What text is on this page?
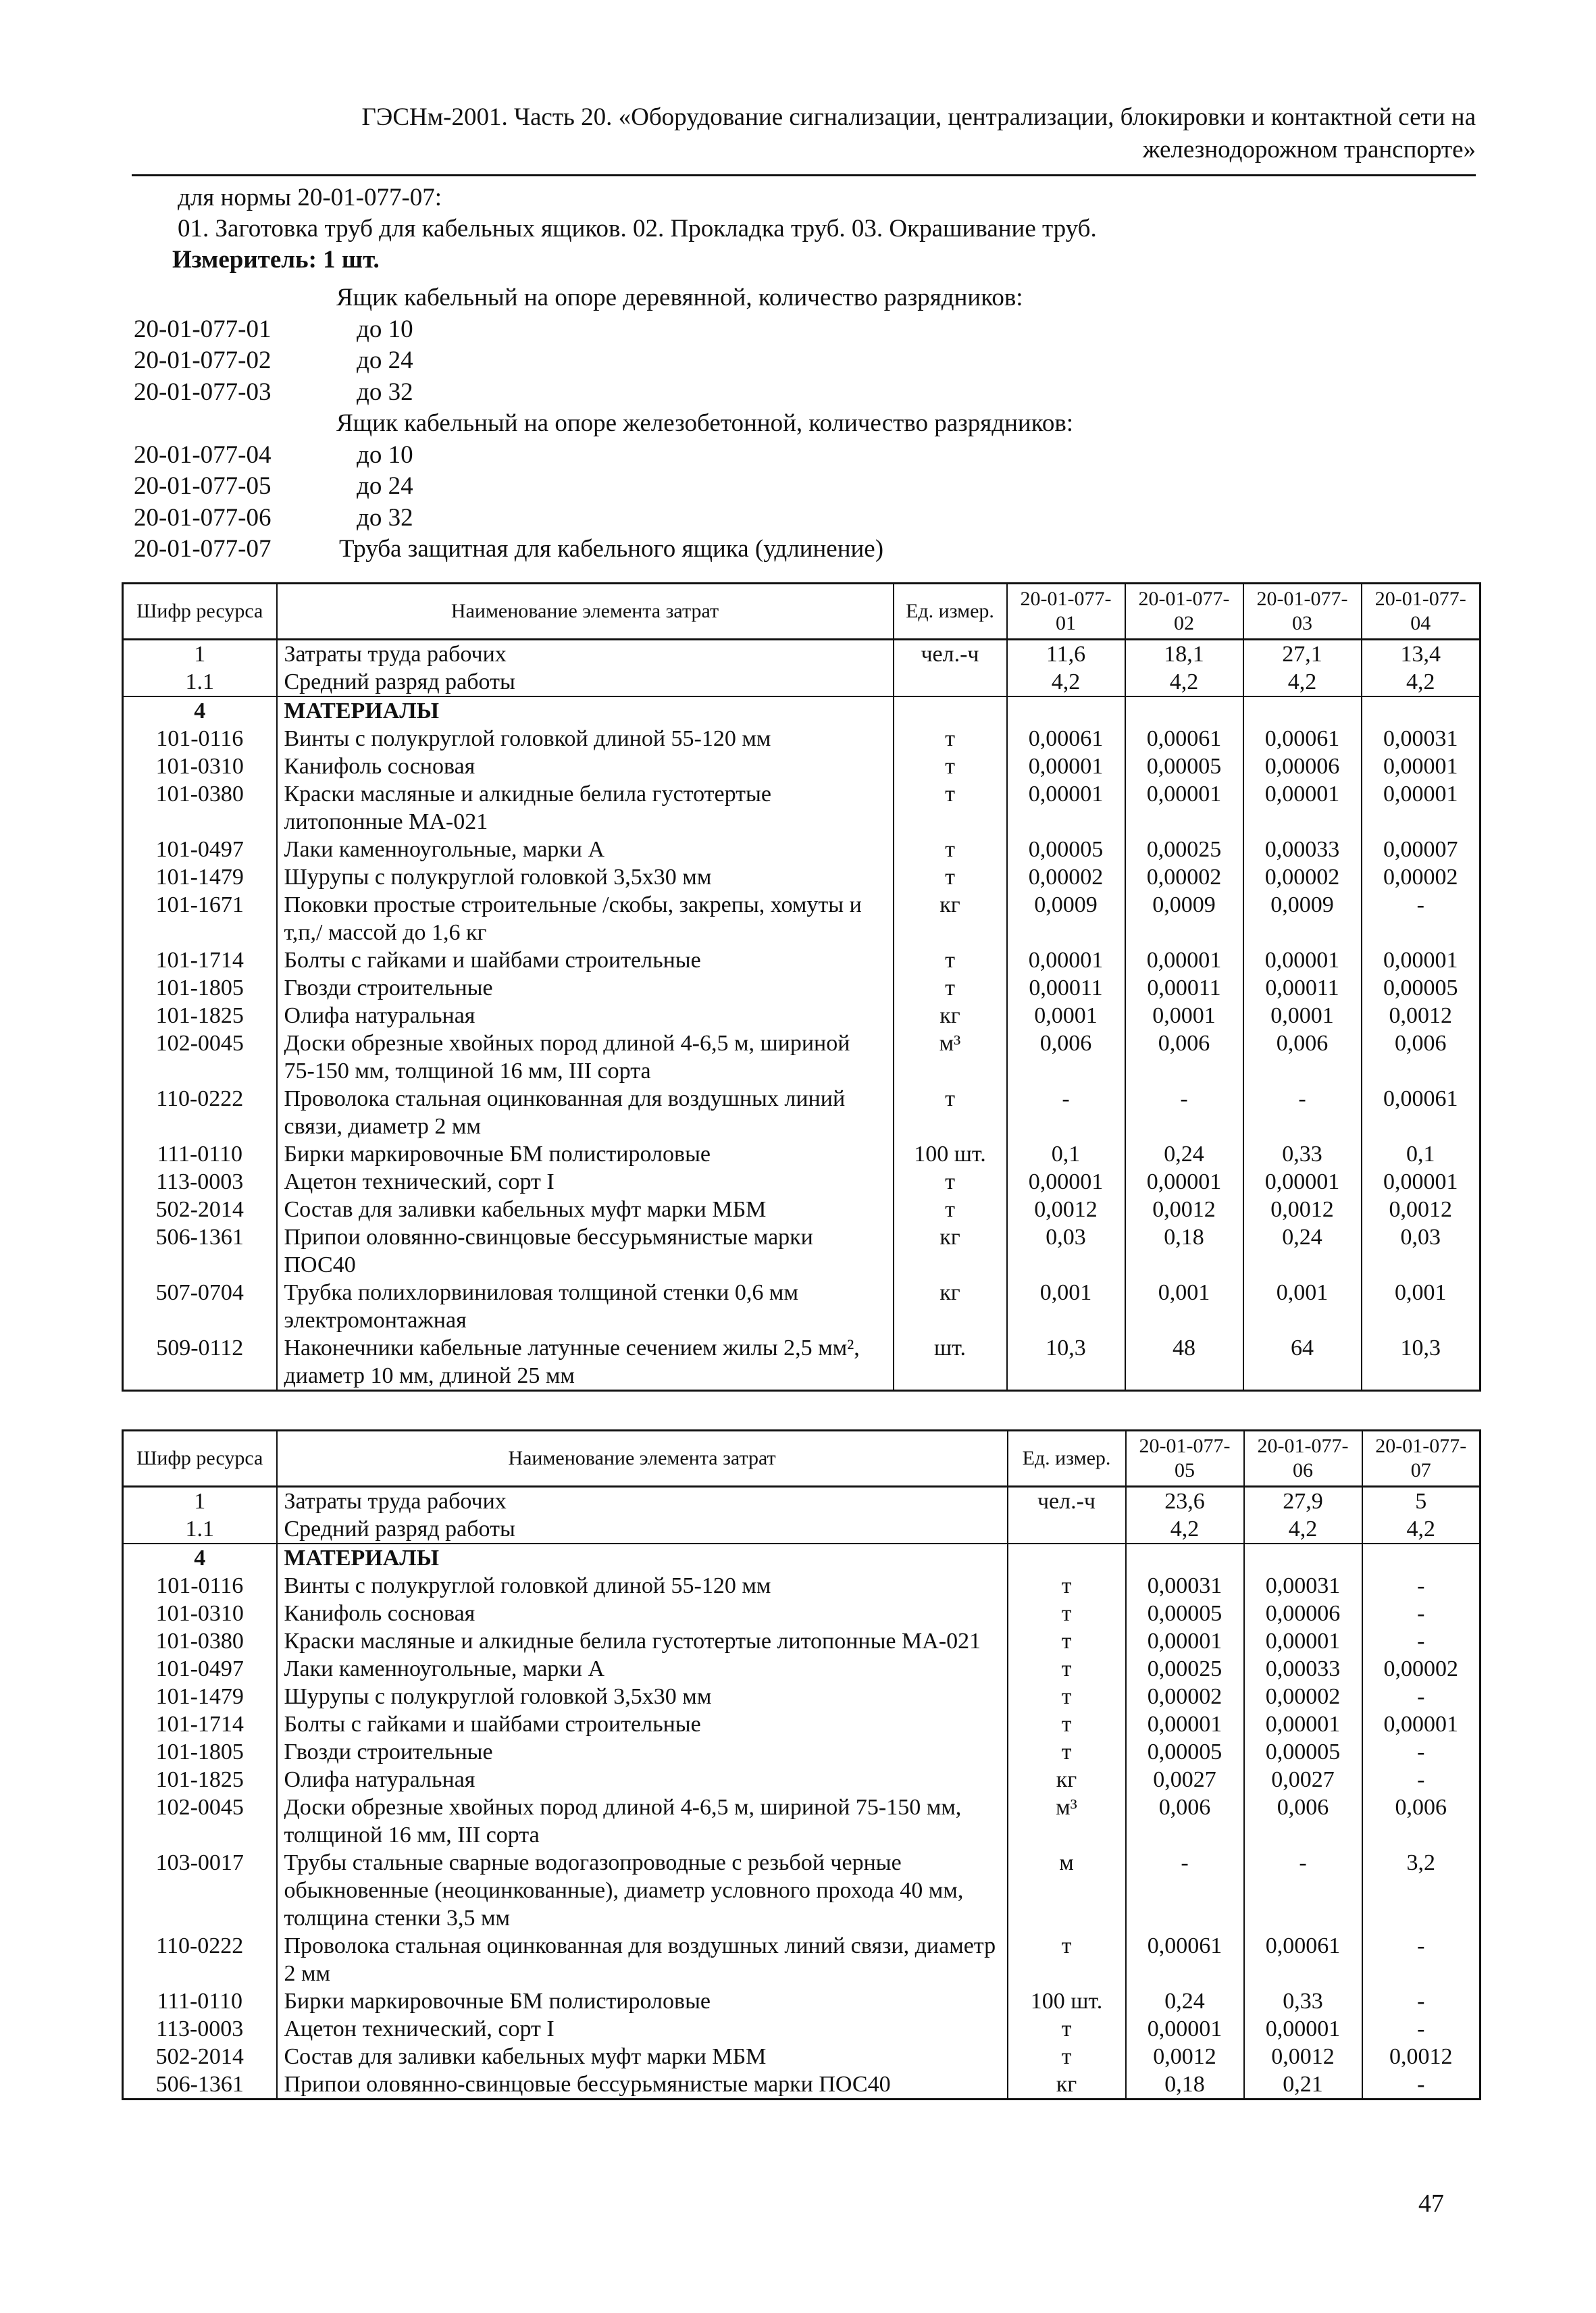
ГЭСНм-2001. Часть 20. «Оборудование сигнализации, централизации, блокировки и контактной сети на
железнодорожном транспорте»
для нормы 20-01-077-07:
01. Заготовка труб для кабельных ящиков. 02. Прокладка труб. 03. Окрашивание труб.
Измеритель: 1 шт.
Ящик кабельный на опоре деревянной, количество разрядников:
20-01-077-01	до 10
20-01-077-02	до 24
20-01-077-03	до 32
Ящик кабельный на опоре железобетонной, количество разрядников:
20-01-077-04	до 10
20-01-077-05	до 24
20-01-077-06	до 32
20-01-077-07	Труба защитная для кабельного ящика (удлинение)
Шифр ресурса	Наименование элемента затрат	Ед. измер.	20-01-077-01	20-01-077-02	20-01-077-03	20-01-077-04
1	Затраты труда рабочих	чел.-ч	11,6	18,1	27,1	13,4
1.1	Средний разряд работы		4,2	4,2	4,2	4,2
4	МАТЕРИАЛЫ					
101-0116	Винты с полукруглой головкой длиной 55-120 мм	т	0,00061	0,00061	0,00061	0,00031
101-0310	Канифоль сосновая	т	0,00001	0,00005	0,00006	0,00001
101-0380	Краски масляные и алкидные белила густотертые литопонные МА-021	т	0,00001	0,00001	0,00001	0,00001
101-0497	Лаки каменноугольные, марки А	т	0,00005	0,00025	0,00033	0,00007
101-1479	Шурупы с полукруглой головкой 3,5х30 мм	т	0,00002	0,00002	0,00002	0,00002
101-1671	Поковки простые строительные /скобы, закрепы, хомуты и т,п,/ массой до 1,6 кг	кг	0,0009	0,0009	0,0009	-
101-1714	Болты с гайками и шайбами строительные	т	0,00001	0,00001	0,00001	0,00001
101-1805	Гвозди строительные	т	0,00011	0,00011	0,00011	0,00005
101-1825	Олифа натуральная	кг	0,0001	0,0001	0,0001	0,0012
102-0045	Доски обрезные хвойных пород длиной 4-6,5 м, шириной 75-150 мм, толщиной 16 мм, III сорта	м³	0,006	0,006	0,006	0,006
110-0222	Проволока стальная оцинкованная для воздушных линий связи, диаметр 2 мм	т	-	-	-	0,00061
111-0110	Бирки маркировочные БМ полистироловые	100 шт.	0,1	0,24	0,33	0,1
113-0003	Ацетон технический, сорт I	т	0,00001	0,00001	0,00001	0,00001
502-2014	Состав для заливки кабельных муфт марки МБМ	т	0,0012	0,0012	0,0012	0,0012
506-1361	Припои оловянно-свинцовые бессурьмянистые марки ПОС40	кг	0,03	0,18	0,24	0,03
507-0704	Трубка полихлорвиниловая толщиной стенки 0,6 мм электромонтажная	кг	0,001	0,001	0,001	0,001
509-0112	Наконечники кабельные латунные сечением жилы 2,5 мм², диаметр 10 мм, длиной 25 мм	шт.	10,3	48	64	10,3
Шифр ресурса	Наименование элемента затрат	Ед. измер.	20-01-077-05	20-01-077-06	20-01-077-07
1	Затраты труда рабочих	чел.-ч	23,6	27,9	5
1.1	Средний разряд работы		4,2	4,2	4,2
4	МАТЕРИАЛЫ				
101-0116	Винты с полукруглой головкой длиной 55-120 мм	т	0,00031	0,00031	-
101-0310	Канифоль сосновая	т	0,00005	0,00006	-
101-0380	Краски масляные и алкидные белила густотертые литопонные МА-021	т	0,00001	0,00001	-
101-0497	Лаки каменноугольные, марки А	т	0,00025	0,00033	0,00002
101-1479	Шурупы с полукруглой головкой 3,5х30 мм	т	0,00002	0,00002	-
101-1714	Болты с гайками и шайбами строительные	т	0,00001	0,00001	0,00001
101-1805	Гвозди строительные	т	0,00005	0,00005	-
101-1825	Олифа натуральная	кг	0,0027	0,0027	-
102-0045	Доски обрезные хвойных пород длиной 4-6,5 м, шириной 75-150 мм, толщиной 16 мм, III сорта	м³	0,006	0,006	0,006
103-0017	Трубы стальные сварные водогазопроводные с резьбой черные обыкновенные (неоцинкованные), диаметр условного прохода 40 мм, толщина стенки 3,5 мм	м	-	-	3,2
110-0222	Проволока стальная оцинкованная для воздушных линий связи, диаметр 2 мм	т	0,00061	0,00061	-
111-0110	Бирки маркировочные БМ полистироловые	100 шт.	0,24	0,33	-
113-0003	Ацетон технический, сорт I	т	0,00001	0,00001	-
502-2014	Состав для заливки кабельных муфт марки МБМ	т	0,0012	0,0012	0,0012
506-1361	Припои оловянно-свинцовые бессурьмянистые марки ПОС40	кг	0,18	0,21	-
47
